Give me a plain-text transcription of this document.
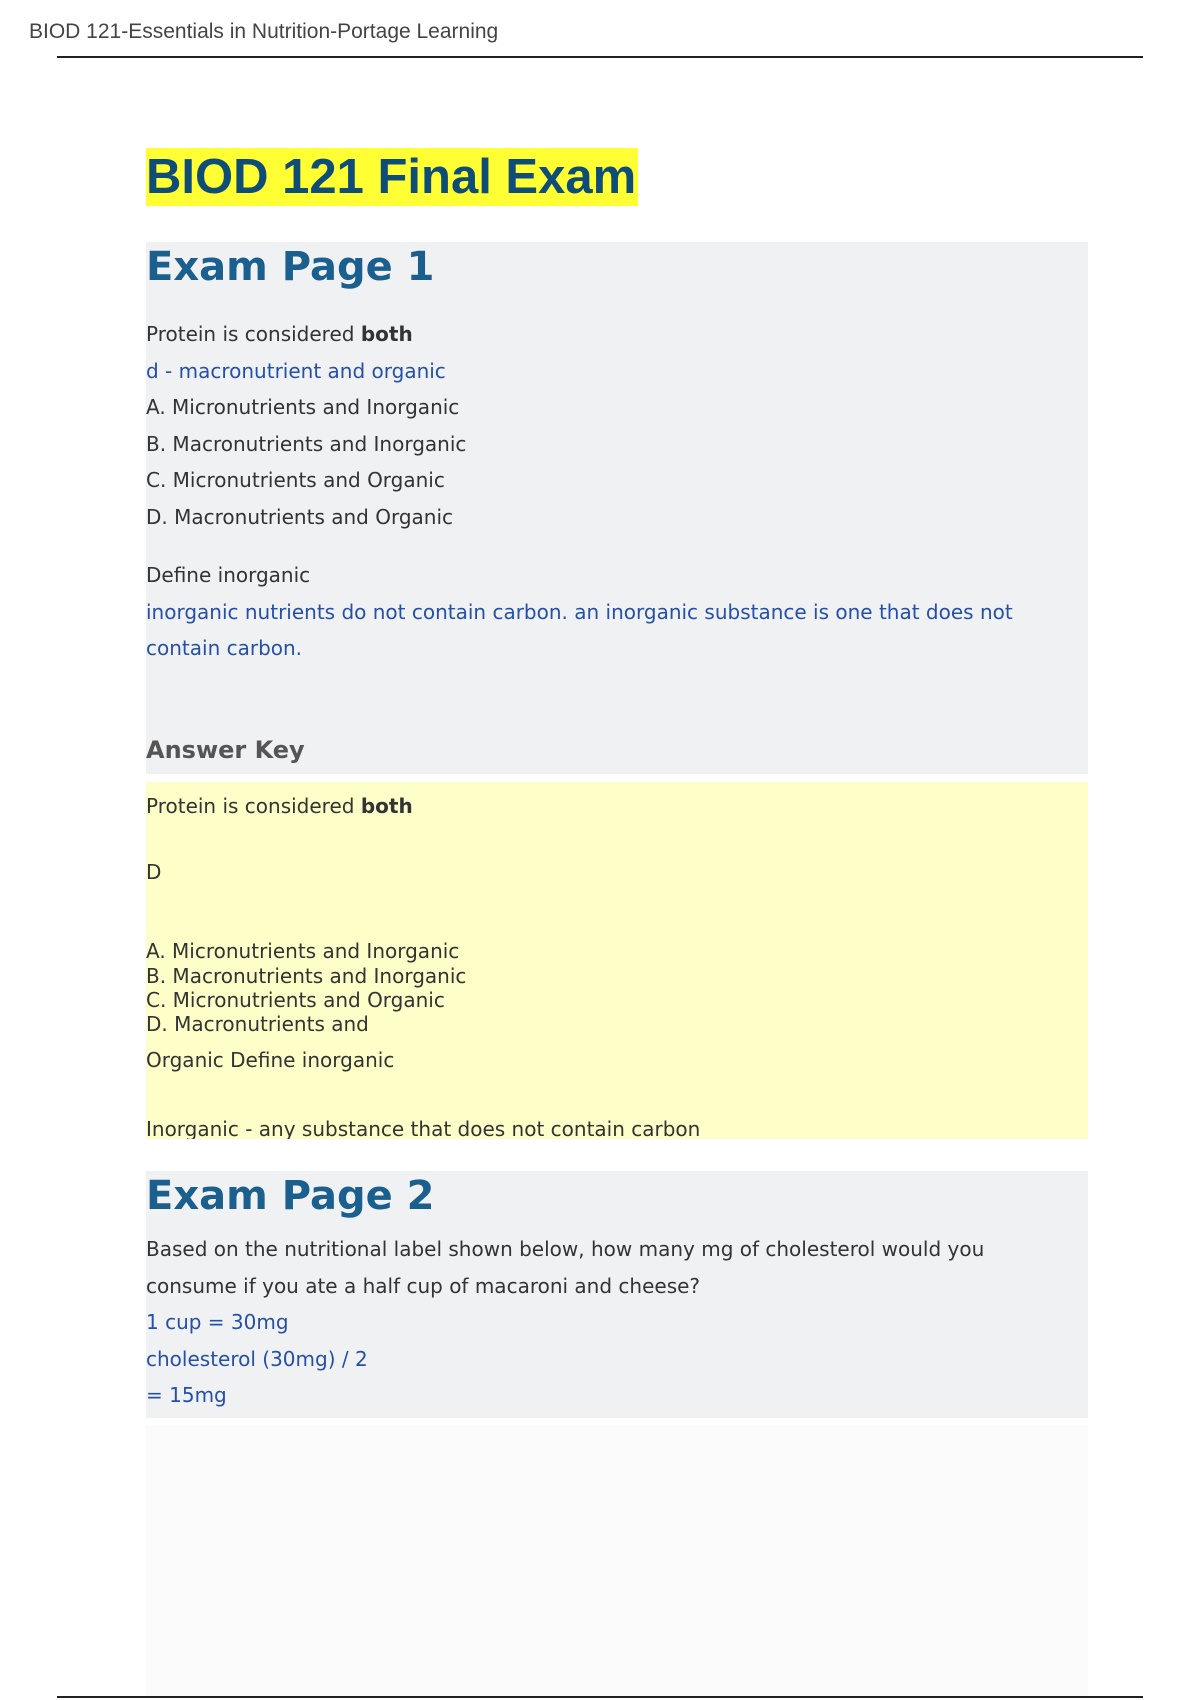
BIOD 121-Essentials in Nutrition-Portage Learning
BIOD 121 Final Exam
Exam Page 1

Protein is considered both

d - macronutrient and organic

A. Micronutrients and Inorganic

B. Macronutrients and Inorganic

C. Micronutrients and Organic

D. Macronutrients and Organic

Define inorganic

inorganic nutrients do not contain carbon. an inorganic substance is one that does not

contain carbon.

Answer Key

Protein is considered both

D

A. Micronutrients and Inorganic

B. Macronutrients and Inorganic

C. Micronutrients and Organic

D. Macronutrients and

Organic Define inorganic

Inorganic - any substance that does not contain carbon

Exam Page 2

Based on the nutritional label shown below, how many mg of cholesterol would you

consume if you ate a half cup of macaroni and cheese?

1 cup = 30mg

cholesterol (30mg) / 2

= 15mg
